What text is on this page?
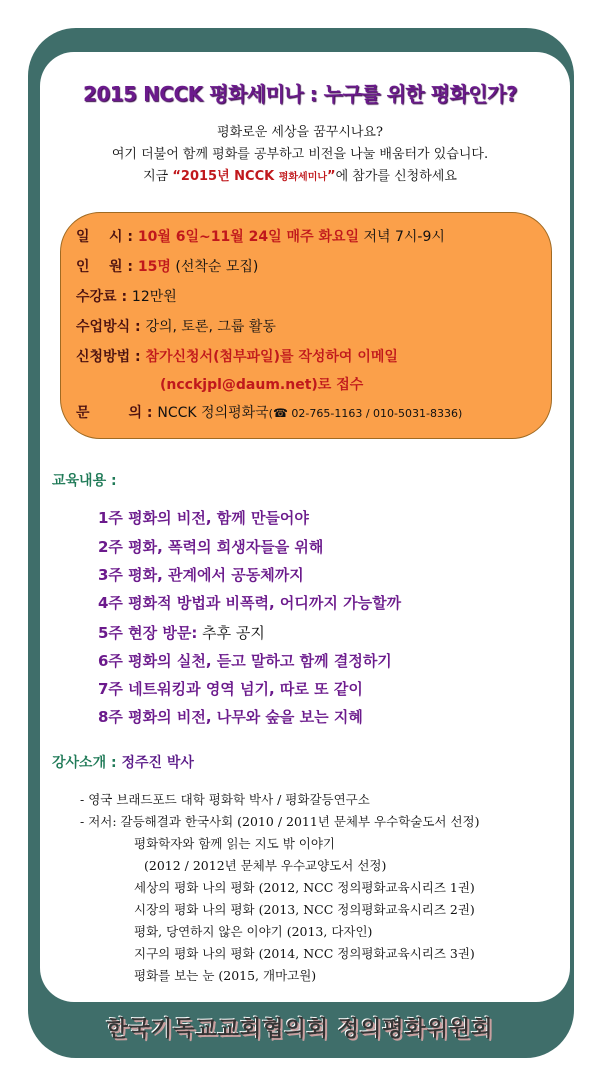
2015 NCCK 평화세미나 : 누구를 위한 평화인가?
평화로운 세상을 꿈꾸시나요?
여기 더불어 함께 평화를 공부하고 비전을 나눌 배움터가 있습니다.
지금 “2015년 NCCK 평화세미나”에 참가를 신청하세요
일    시 : 10월 6일~11월 24일 매주 화요일 저녁 7시-9시
인    원 : 15명 (선착순 모집)
수강료 : 12만원
수업방식 : 강의, 토론, 그룹 활동
신청방법 : 참가신청서(첨부파일)를 작성하여 이메일
(ncckjpl@daum.net)로 접수
문        의 : NCCK 정의평화국(☎ 02-765-1163 / 010-5031-8336)
교육내용 :
1주 평화의 비전, 함께 만들어야
2주 평화, 폭력의 희생자들을 위해
3주 평화, 관계에서 공동체까지
4주 평화적 방법과 비폭력, 어디까지 가능할까
5주 현장 방문: 추후 공지
6주 평화의 실천, 듣고 말하고 함께 결정하기
7주 네트워킹과 영역 넘기, 따로 또 같이
8주 평화의 비전, 나무와 숲을 보는 지혜
강사소개 : 정주진 박사
- 영국 브래드포드 대학 평화학 박사 / 평화갈등연구소
- 저서: 갈등해결과 한국사회 (2010 / 2011년 문체부 우수학술도서 선정)
평화학자와 함께 읽는 지도 밖 이야기
(2012 / 2012년 문체부 우수교양도서 선정)
세상의 평화 나의 평화 (2012, NCC 정의평화교육시리즈 1권)
시장의 평화 나의 평화 (2013, NCC 정의평화교육시리즈 2권)
평화, 당연하지 않은 이야기 (2013, 다자인)
지구의 평화 나의 평화 (2014, NCC 정의평화교육시리즈 3권)
평화를 보는 눈 (2015, 개마고원)
한국기독교교회협의회 정의평화위원회
